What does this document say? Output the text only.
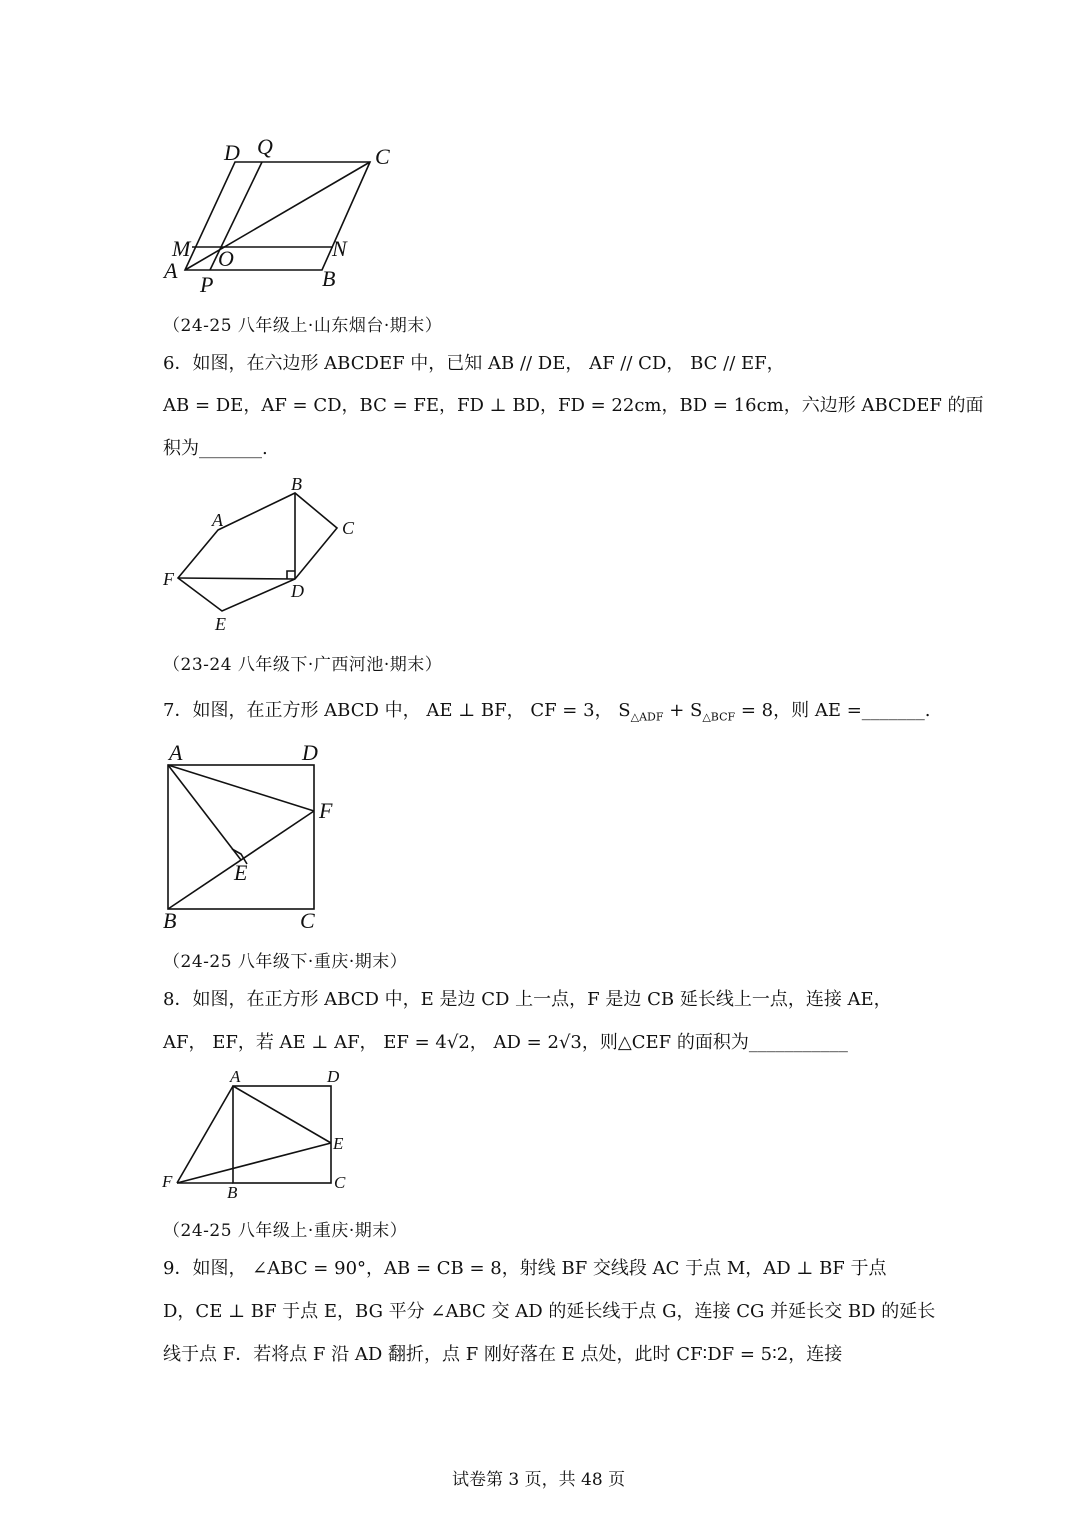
D Q	C
M O	N
A
P	B
（24-25 八年级上·山东烟台·期末）
6．如图，在六边形 ABCDEF 中，已知 AB // DE， AF // CD， BC // EF，
AB = DE，AF = CD，BC = FE，FD ⊥ BD，FD = 22cm，BD = 16cm，六边形 ABCDEF 的面
积为_______.
A
B
C
F
D
E
（23-24 八年级下·广西河池·期末）
7．如图，在正方形 ABCD 中， AE ⊥ BF， CF = 3， $S_{\triangle ADF} + S_{\triangle BCF} = 8$，则 AE =_______.
A	D
F
E
B	C
（24-25 八年级下·重庆·期末）
8．如图，在正方形 ABCD 中，E 是边 CD 上一点，F 是边 CB 延长线上一点，连接 AE，
AF， EF，若 AE ⊥ AF， EF = 4√2， AD = 2√3，则△CEF 的面积为___________
A	D
E
F
B
C
（24-25 八年级上·重庆·期末）
9．如图， ∠ABC = 90°，AB = CB = 8，射线 BF 交线段 AC 于点 M，AD ⊥ BF 于点
D，CE ⊥ BF 于点 E，BG 平分 ∠ABC 交 AD 的延长线于点 G，连接 CG 并延长交 BD 的延长
线于点 F．若将点 F 沿 AD 翻折，点 F 刚好落在 E 点处，此时 CF∶DF = 5∶2，连接
试卷第 3 页，共 48 页
